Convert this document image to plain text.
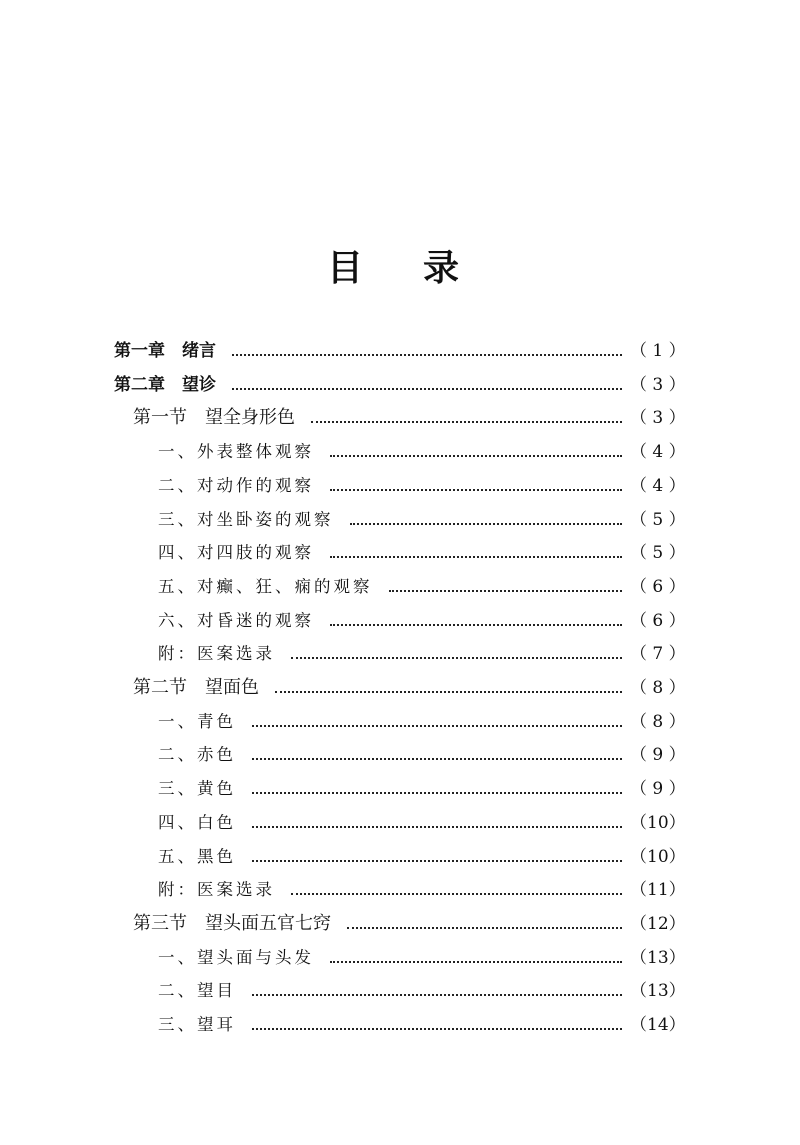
目 录
第一章　绪言	（ 1 ）
第二章　望诊	（ 3 ）
第一节　望全身形色	（ 3 ）
一、外表整体观察	（ 4 ）
二、对动作的观察	（ 4 ）
三、对坐卧姿的观察	（ 5 ）
四、对四肢的观察	（ 5 ）
五、对癫、狂、痫的观察	（ 6 ）
六、对昏迷的观察	（ 6 ）
附：医案选录	（ 7 ）
第二节　望面色	（ 8 ）
一、青色	（ 8 ）
二、赤色	（ 9 ）
三、黄色	（ 9 ）
四、白色	（10）
五、黑色	（10）
附：医案选录	（11）
第三节　望头面五官七窍	（12）
一、望头面与头发	（13）
二、望目	（13）
三、望耳	（14）
